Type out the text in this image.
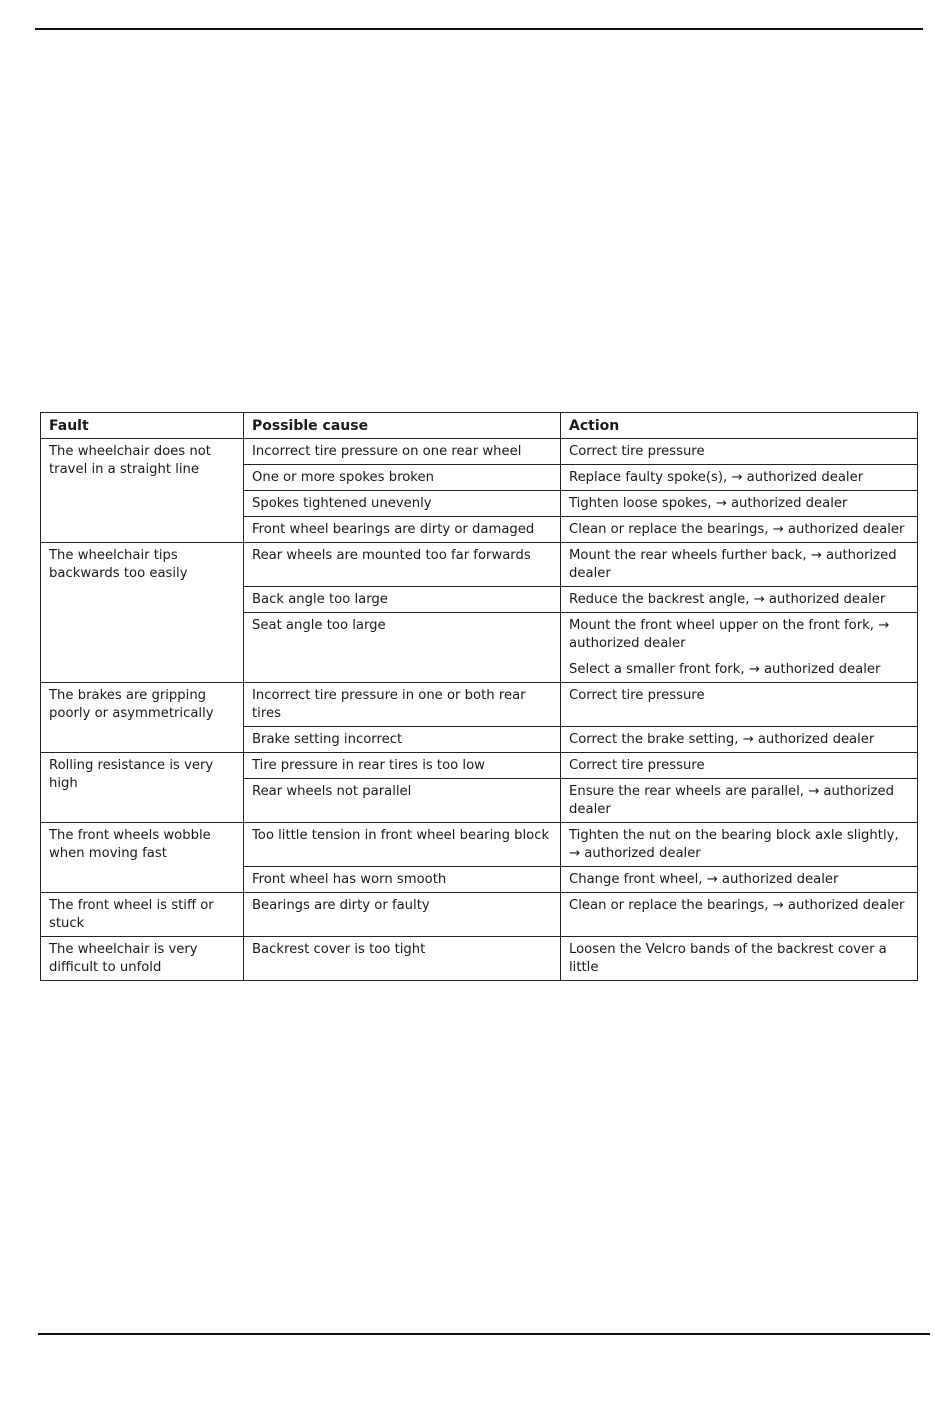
Fault	Possible cause	Action
The wheelchair does not travel in a straight line	Incorrect tire pressure on one rear wheel	Correct tire pressure

	One or more spokes broken	Replace faulty spoke(s), → authorized dealer

	Spokes tightened unevenly	Tighten loose spokes, → authorized dealer

	Front wheel bearings are dirty or damaged	Clean or replace the bearings, → authorized dealer

The wheelchair tips backwards too easily	Rear wheels are mounted too far forwards	Mount the rear wheels further back, → authorized dealer

	Back angle too large	Reduce the backrest angle, → authorized dealer

	Seat angle too large	Mount the front wheel upper on the front fork, → authorized dealer
Select a smaller front fork, → authorized dealer

The brakes are gripping poorly or asymmetrically	Incorrect tire pressure in one or both rear tires	Correct tire pressure

	Brake setting incorrect	Correct the brake setting, → authorized dealer

Rolling resistance is very high	Tire pressure in rear tires is too low	Correct tire pressure

	Rear wheels not parallel	Ensure the rear wheels are parallel, → authorized dealer

The front wheels wobble when moving fast	Too little tension in front wheel bearing block	Tighten the nut on the bearing block axle slightly, → authorized dealer

	Front wheel has worn smooth	Change front wheel, → authorized dealer

The front wheel is stiff or stuck	Bearings are dirty or faulty	Clean or replace the bearings, → authorized dealer

The wheelchair is very difficult to unfold	Backrest cover is too tight	Loosen the Velcro bands of the backrest cover a little
